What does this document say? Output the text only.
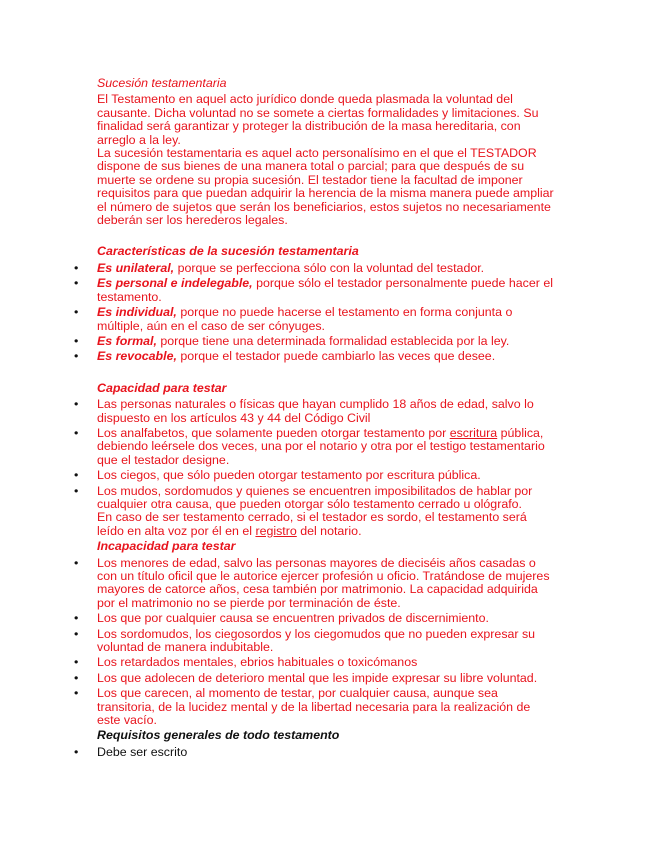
Sucesión testamentaria

El Testamento en aquel acto jurídico donde queda plasmada la voluntad del causante. Dicha voluntad no se somete a ciertas formalidades y limitaciones. Su finalidad será garantizar y proteger la distribución de la masa hereditaria, con arreglo a la ley.

La sucesión testamentaria es aquel acto personalísimo en el que el TESTADOR dispone de sus bienes de una manera total o parcial; para que después de su muerte se ordene su propia sucesión. El testador tiene la facultad de imponer requisitos para que puedan adquirir la herencia de la misma manera puede ampliar el número de sujetos que serán los beneficiarios, estos sujetos no necesariamente deberán ser los herederos legales.

Características de la sucesión testamentaria

• Es unilateral, porque se perfecciona sólo con la voluntad del testador.
• Es personal e indelegable, porque sólo el testador personalmente puede hacer el testamento.
• Es individual, porque no puede hacerse el testamento en forma conjunta o múltiple, aún en el caso de ser cónyuges.
• Es formal, porque tiene una determinada formalidad establecida por la ley.
• Es revocable, porque el testador puede cambiarlo las veces que desee.

Capacidad para testar

• Las personas naturales o físicas que hayan cumplido 18 años de edad, salvo lo dispuesto en los artículos 43 y 44 del Código Civil
• Los analfabetos, que solamente pueden otorgar testamento por escritura pública, debiendo leérsele dos veces, una por el notario y otra por el testigo testamentario que el testador designe.
• Los ciegos, que sólo pueden otorgar testamento por escritura pública.
• Los mudos, sordomudos y quienes se encuentren imposibilitados de hablar por cualquier otra causa, que pueden otorgar sólo testamento cerrado u ológrafo.
En caso de ser testamento cerrado, si el testador es sordo, el testamento será leído en alta voz por él en el registro del notario.

Incapacidad para testar

• Los menores de edad, salvo las personas mayores de dieciséis años casadas o con un título oficil que le autorice ejercer profesión u oficio. Tratándose de mujeres mayores de catorce años, cesa también por matrimonio. La capacidad adquirida por el matrimonio no se pierde por terminación de éste.
• Los que por cualquier causa se encuentren privados de discernimiento.
• Los sordomudos, los ciegosordos y los ciegomudos que no pueden expresar su voluntad de manera indubitable.
• Los retardados mentales, ebrios habituales o toxicómanos
• Los que adolecen de deterioro mental que les impide expresar su libre voluntad.
• Los que carecen, al momento de testar, por cualquier causa, aunque sea transitoria, de la lucidez mental y de la libertad necesaria para la realización de este vacío.

Requisitos generales de todo testamento

• Debe ser escrito
